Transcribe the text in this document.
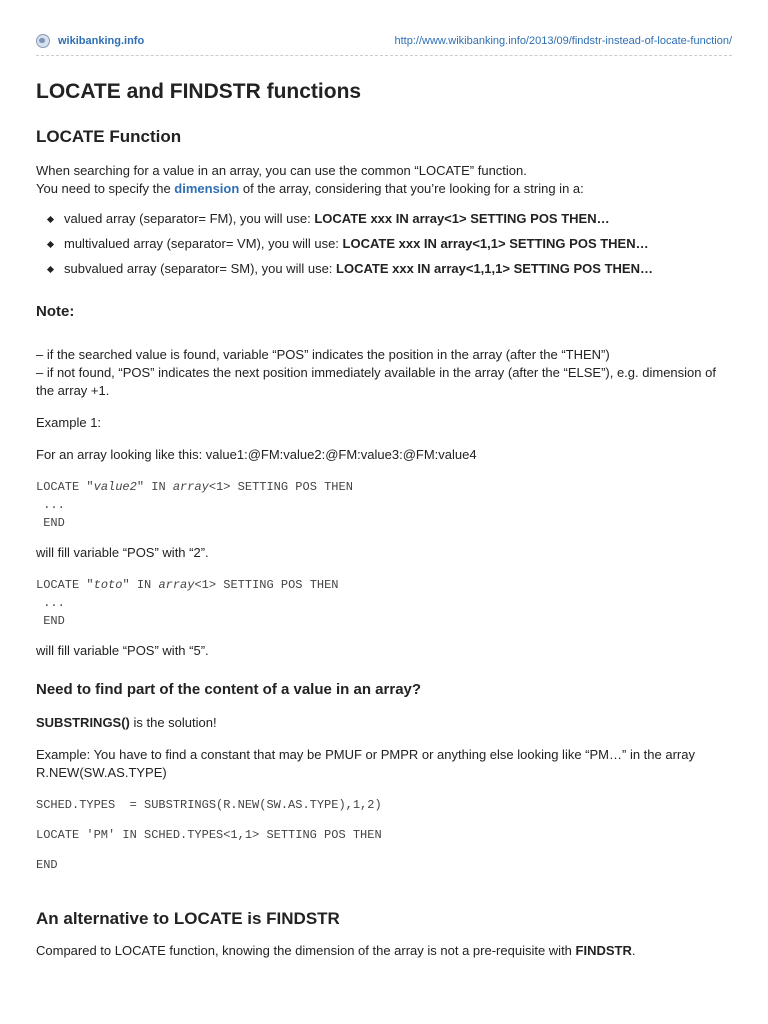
wikibanking.info	http://www.wikibanking.info/2013/09/findstr-instead-of-locate-function/
LOCATE and FINDSTR functions
LOCATE Function

When searching for a value in an array, you can use the common “LOCATE” function.
You need to specify the dimension of the array, considering that you’re looking for a string in a:

valued array (separator= FM), you will use: LOCATE xxx IN array<1> SETTING POS THEN…
multivalued array (separator= VM), you will use: LOCATE xxx IN array<1,1> SETTING POS THEN…
subvalued array (separator= SM), you will use: LOCATE xxx IN array<1,1,1> SETTING POS THEN…
Note:

– if the searched value is found, variable “POS” indicates the position in the array (after the “THEN”)
– if not found, “POS” indicates the next position immediately available in the array (after the “ELSE”), e.g. dimension of the array +1.

Example 1:

For an array looking like this: value1:@FM:value2:@FM:value3:@FM:value4

LOCATE "value2" IN array<1> SETTING POS THEN
...
END

will fill variable “POS” with “2”.

LOCATE "toto" IN array<1> SETTING POS THEN
...
END

will fill variable “POS” with “5”.

Need to find part of the content of a value in an array?

SUBSTRINGS() is the solution!

Example: You have to find a constant that may be PMUF or PMPR or anything else looking like “PM…” in the array R.NEW(SW.AS.TYPE)

SCHED.TYPES  = SUBSTRINGS(R.NEW(SW.AS.TYPE),1,2)
LOCATE 'PM' IN SCHED.TYPES<1,1> SETTING POS THEN
END
An alternative to LOCATE is FINDSTR

Compared to LOCATE function, knowing the dimension of the array is not a pre-requisite with FINDSTR.
